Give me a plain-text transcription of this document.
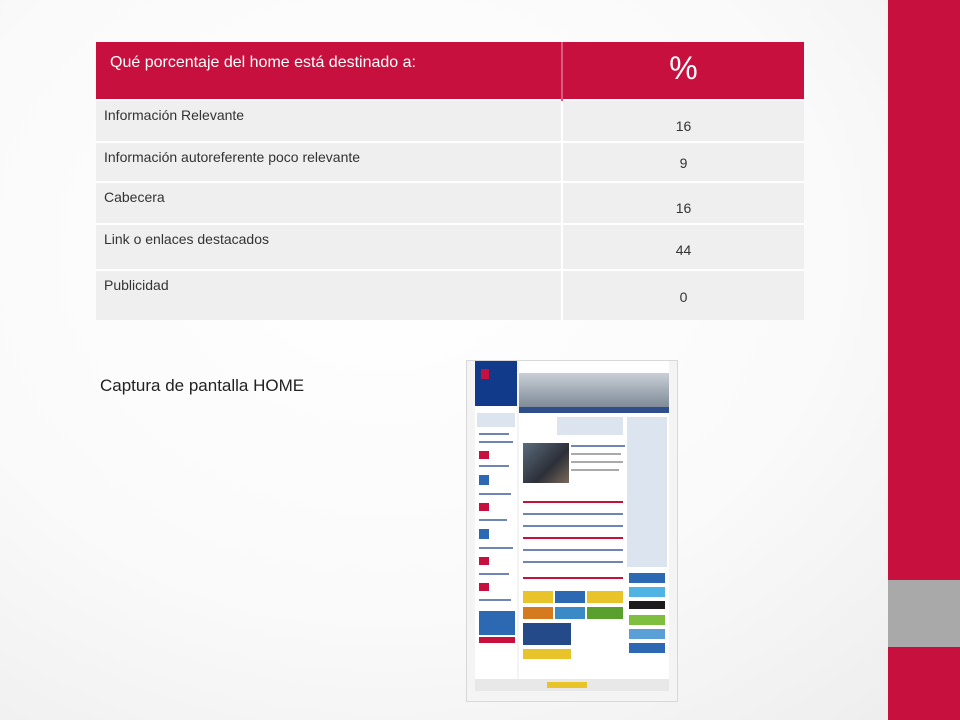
Qué porcentaje del home está destinado a:	%
Información Relevante	16
Información autoreferente poco relevante	9
Cabecera	16
Link o enlaces destacados	44
Publicidad	0
Captura de pantalla HOME
